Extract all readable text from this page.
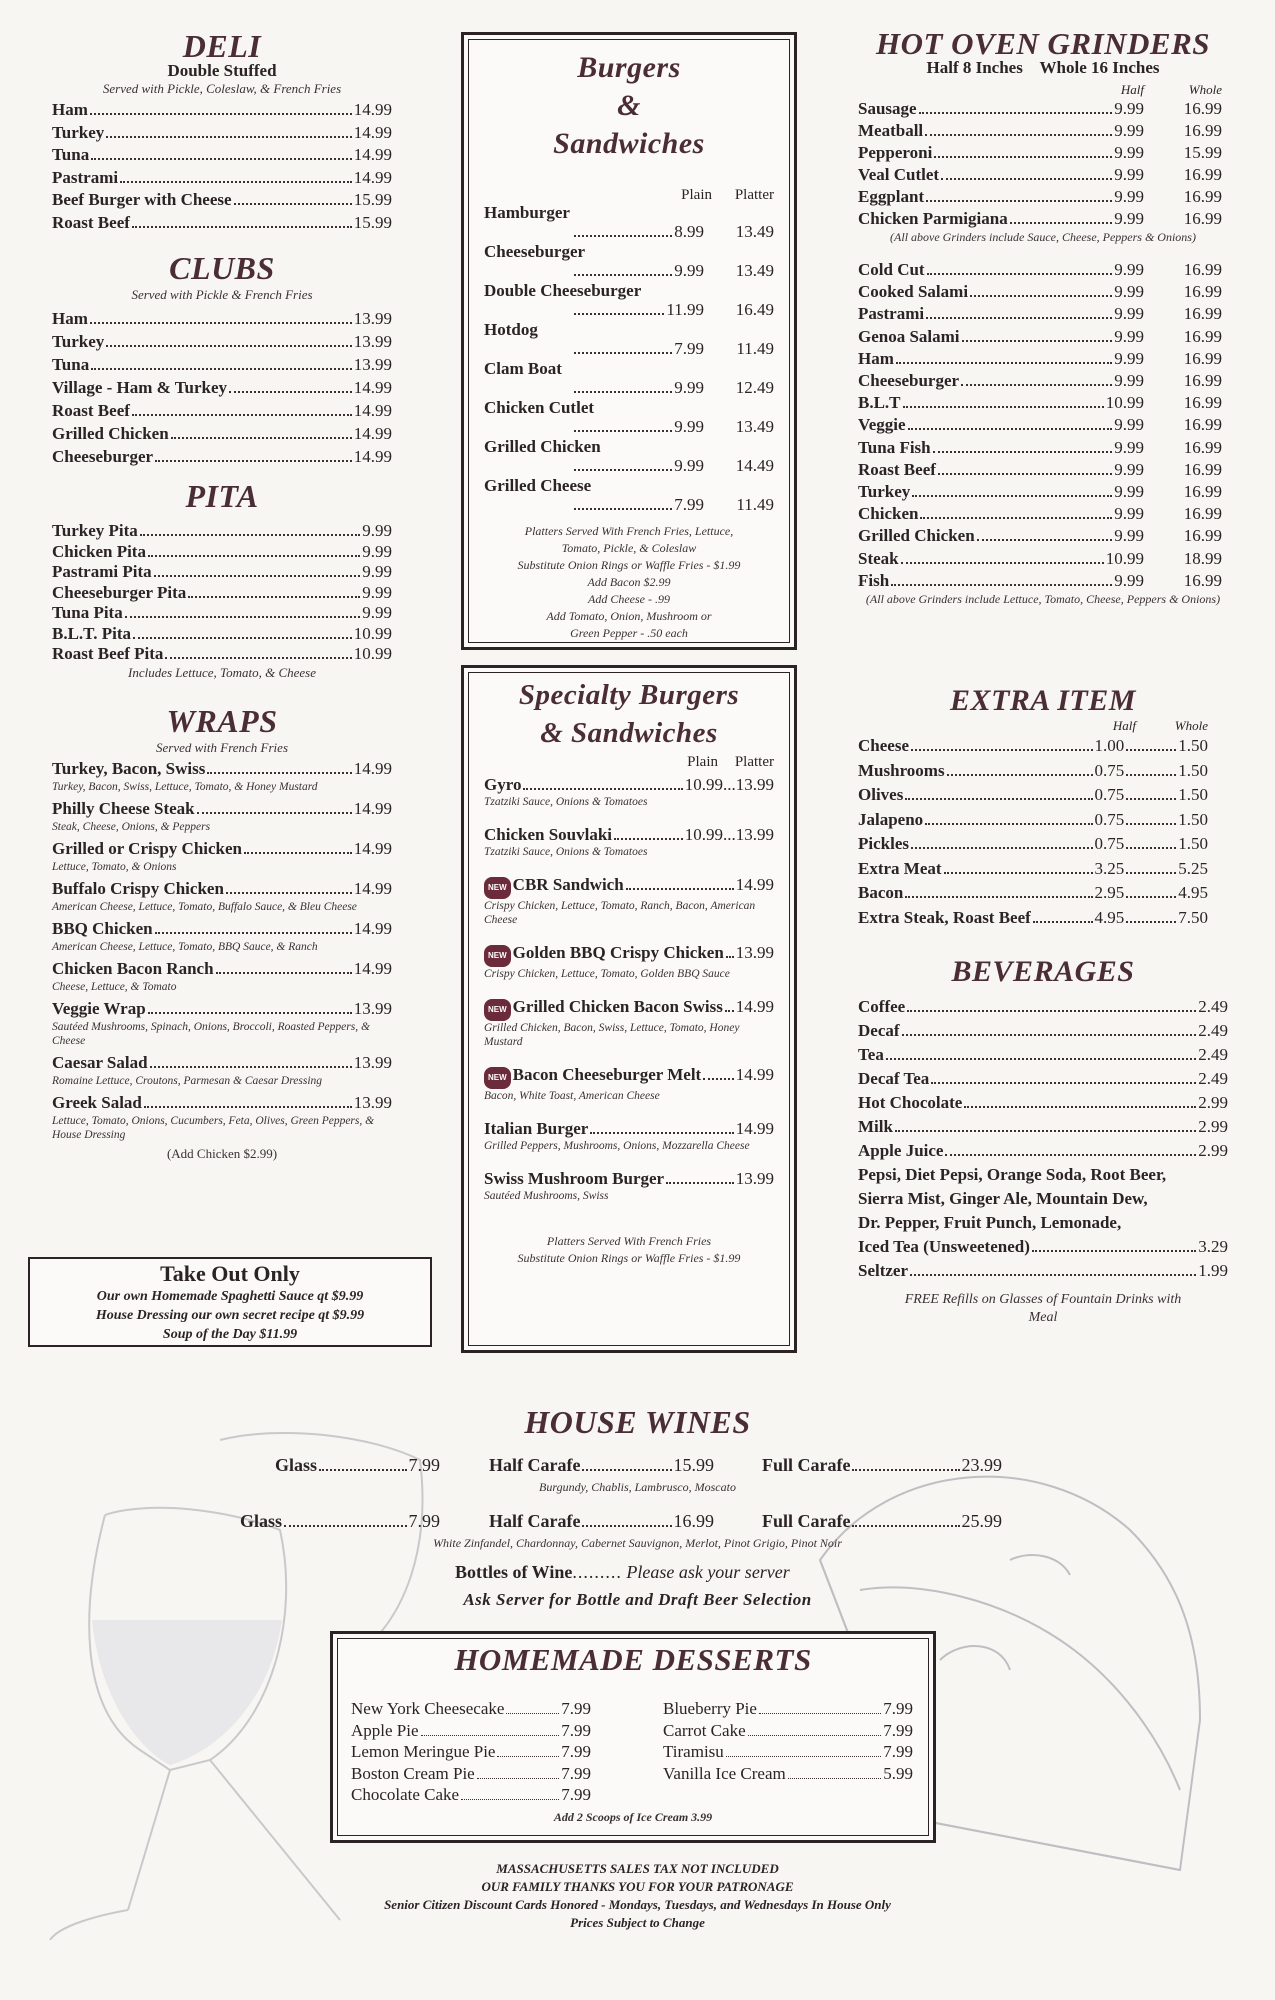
DELI
Double Stuffed
Served with Pickle, Coleslaw, & French Fries
Ham	14.99
Turkey	14.99
Tuna	14.99
Pastrami	14.99
Beef Burger with Cheese	15.99
Roast Beef	15.99
CLUBS
Served with Pickle & French Fries
Ham	13.99
Turkey	13.99
Tuna	13.99
Village - Ham & Turkey	14.99
Roast Beef	14.99
Grilled Chicken	14.99
Cheeseburger	14.99
PITA
Turkey Pita	9.99
Chicken Pita	9.99
Pastrami Pita	9.99
Cheeseburger Pita	9.99
Tuna Pita	9.99
B.L.T. Pita	10.99
Roast Beef Pita	10.99
Includes Lettuce, Tomato, & Cheese
WRAPS
Served with French Fries
Turkey, Bacon, Swiss	14.99
Turkey, Bacon, Swiss, Lettuce, Tomato, & Honey Mustard
Philly Cheese Steak	14.99
Steak, Cheese, Onions, & Peppers
Grilled or Crispy Chicken	14.99
Lettuce, Tomato, & Onions
Buffalo Crispy Chicken	14.99
American Cheese, Lettuce, Tomato, Buffalo Sauce, & Bleu Cheese
BBQ Chicken	14.99
American Cheese, Lettuce, Tomato, BBQ Sauce, & Ranch
Chicken Bacon Ranch	14.99
Cheese, Lettuce, & Tomato
Veggie Wrap	13.99
Sautéed Mushrooms, Spinach, Onions, Broccoli, Roasted Peppers, & Cheese
Caesar Salad	13.99
Romaine Lettuce, Croutons, Parmesan & Caesar Dressing
Greek Salad	13.99
Lettuce, Tomato, Onions, Cucumbers, Feta, Olives, Green Peppers, & House Dressing
(Add Chicken $2.99)
Take Out Only
Our own Homemade Spaghetti Sauce qt $9.99
House Dressing our own secret recipe qt $9.99
Soup of the Day $11.99
Burgers
&
Sandwiches
Plain	Platter
Hamburger
8.99	13.49
Cheeseburger
9.99	13.49
Double Cheeseburger
11.99	16.49
Hotdog
7.99	11.49
Clam Boat
9.99	12.49
Chicken Cutlet
9.99	13.49
Grilled Chicken
9.99	14.49
Grilled Cheese
7.99	11.49
Platters Served With French Fries, Lettuce,
Tomato, Pickle, & Coleslaw
Substitute Onion Rings or Waffle Fries - $1.99
Add Bacon $2.99
Add Cheese - .99
Add Tomato, Onion, Mushroom or
Green Pepper - .50 each
Specialty Burgers
& Sandwiches
Plain	Platter
Gyro	10.99 ... 13.99
Tzatziki Sauce, Onions & Tomatoes
Chicken Souvlaki	10.99 ... 13.99
Tzatziki Sauce, Onions & Tomatoes
NEW CBR Sandwich	14.99
Crispy Chicken, Lettuce, Tomato, Ranch, Bacon, American Cheese
NEW Golden BBQ Crispy Chicken 13.99
Crispy Chicken, Lettuce, Tomato, Golden BBQ Sauce
NEW Grilled Chicken Bacon Swiss 14.99
Grilled Chicken, Bacon, Swiss, Lettuce, Tomato, Honey Mustard
NEW Bacon Cheeseburger Melt 14.99
Bacon, White Toast, American Cheese
Italian Burger	14.99
Grilled Peppers, Mushrooms, Onions, Mozzarella Cheese
Swiss Mushroom Burger	13.99
Sautéed Mushrooms, Swiss
Platters Served With French Fries
Substitute Onion Rings or Waffle Fries - $1.99
HOT OVEN GRINDERS
Half 8 Inches    Whole 16 Inches
Half	Whole
Sausage	9.99	16.99
Meatball	9.99	16.99
Pepperoni	9.99	15.99
Veal Cutlet	9.99	16.99
Eggplant	9.99	16.99
Chicken Parmigiana	9.99	16.99
(All above Grinders include Sauce, Cheese, Peppers & Onions)
Cold Cut	9.99	16.99
Cooked Salami	9.99	16.99
Pastrami	9.99	16.99
Genoa Salami	9.99	16.99
Ham	9.99	16.99
Cheeseburger	9.99	16.99
B.L.T	10.99	16.99
Veggie	9.99	16.99
Tuna Fish	9.99	16.99
Roast Beef	9.99	16.99
Turkey	9.99	16.99
Chicken	9.99	16.99
Grilled Chicken	9.99	16.99
Steak	10.99	18.99
Fish	9.99	16.99
(All above Grinders include Lettuce, Tomato, Cheese, Peppers & Onions)
EXTRA ITEM
Half	Whole
Cheese	1.00	1.50
Mushrooms	0.75	1.50
Olives	0.75	1.50
Jalapeno	0.75	1.50
Pickles	0.75	1.50
Extra Meat	3.25	5.25
Bacon	2.95	4.95
Extra Steak, Roast Beef	4.95	7.50
BEVERAGES
Coffee	2.49
Decaf	2.49
Tea	2.49
Decaf Tea	2.49
Hot Chocolate	2.99
Milk	2.99
Apple Juice	2.99
Pepsi, Diet Pepsi, Orange Soda, Root Beer,
Sierra Mist, Ginger Ale, Mountain Dew,
Dr. Pepper, Fruit Punch, Lemonade,
Iced Tea (Unsweetened)	3.29
Seltzer	1.99
FREE Refills on Glasses of Fountain Drinks with Meal
HOUSE WINES
Glass	7.99	Half Carafe	15.99	Full Carafe	23.99
Burgundy, Chablis, Lambrusco, Moscato
Glass	7.99	Half Carafe	16.99	Full Carafe	25.99
White Zinfandel, Chardonnay, Cabernet Sauvignon, Merlot, Pinot Grigio, Pinot Noir
Bottles of Wine......... Please ask your server
Ask Server for Bottle and Draft Beer Selection
HOMEMADE DESSERTS
New York Cheesecake	7.99
Apple Pie	7.99
Lemon Meringue Pie	7.99
Boston Cream Pie	7.99
Chocolate Cake	7.99
Blueberry Pie	7.99
Carrot Cake	7.99
Tiramisu	7.99
Vanilla Ice Cream	5.99
Add 2 Scoops of Ice Cream 3.99
MASSACHUSETTS SALES TAX NOT INCLUDED
OUR FAMILY THANKS YOU FOR YOUR PATRONAGE
Senior Citizen Discount Cards Honored - Mondays, Tuesdays, and Wednesdays In House Only
Prices Subject to Change
